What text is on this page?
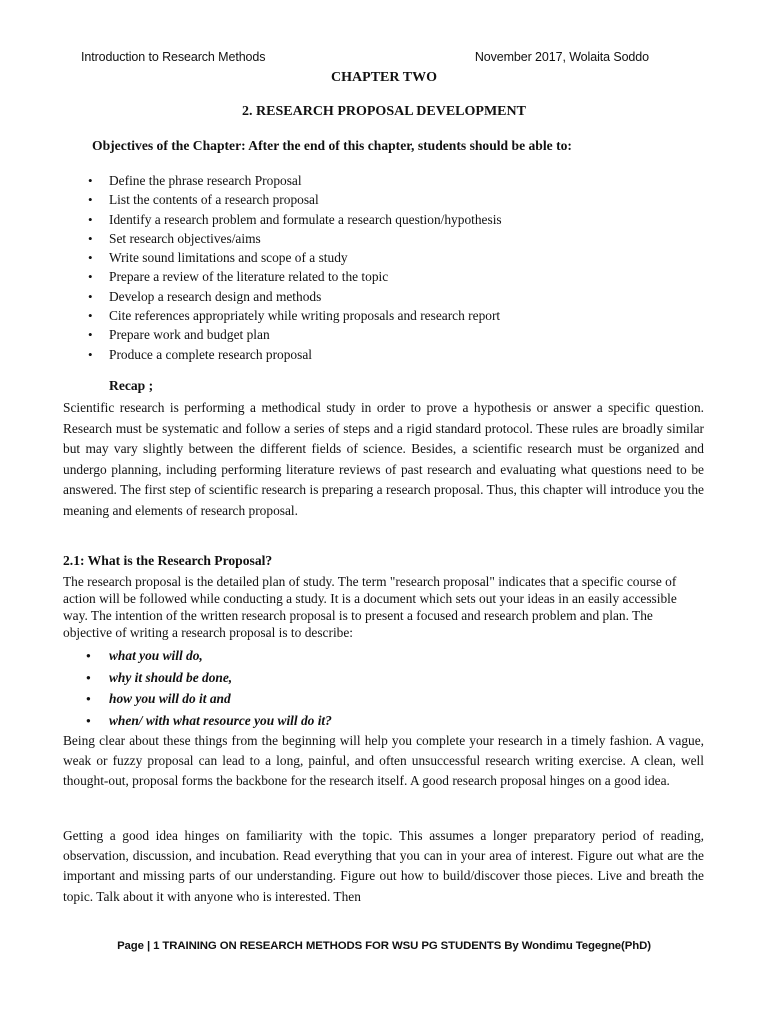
Introduction to Research Methods	November 2017, Wolaita Soddo
CHAPTER TWO
2. RESEARCH PROPOSAL DEVELOPMENT
Objectives of the Chapter: After the end of this chapter, students should be able to:
• Define the phrase research Proposal
• List the contents of a research proposal
• Identify a research problem and formulate a research question/hypothesis
• Set research objectives/aims
• Write sound limitations and scope of a study
• Prepare a review of the literature related to the topic
• Develop a research design and methods
• Cite references appropriately while writing proposals and research report
• Prepare work and budget plan
• Produce a complete research proposal
Recap ;
Scientific research is performing a methodical study in order to prove a hypothesis or answer a specific question. Research must be systematic and follow a series of steps and a rigid standard protocol. These rules are broadly similar but may vary slightly between the different fields of science. Besides, a scientific research must be organized and undergo planning, including performing literature reviews of past research and evaluating what questions need to be answered. The first step of scientific research is preparing a research proposal. Thus, this chapter will introduce you the meaning and elements of research proposal.
2.1: What is the Research Proposal?
The research proposal is the detailed plan of study. The term "research proposal" indicates that a specific course of action will be followed while conducting a study. It is a document which sets out your ideas in an easily accessible way. The intention of the written research proposal is to present a focused and research problem and plan. The objective of writing a research proposal is to describe:
● what you will do,
● why it should be done,
● how you will do it and
● when/ with what resource you will do it?
Being clear about these things from the beginning will help you complete your research in a timely fashion. A vague, weak or fuzzy proposal can lead to a long, painful, and often unsuccessful research writing exercise. A clean, well thought-out, proposal forms the backbone for the research itself. A good research proposal hinges on a good idea.
Getting a good idea hinges on familiarity with the topic. This assumes a longer preparatory period of reading, observation, discussion, and incubation. Read everything that you can in your area of interest. Figure out what are the important and missing parts of our understanding. Figure out how to build/discover those pieces. Live and breath the topic. Talk about it with anyone who is interested. Then
Page | 1 TRAINING ON RESEARCH METHODS FOR WSU PG STUDENTS By Wondimu Tegegne(PhD)
